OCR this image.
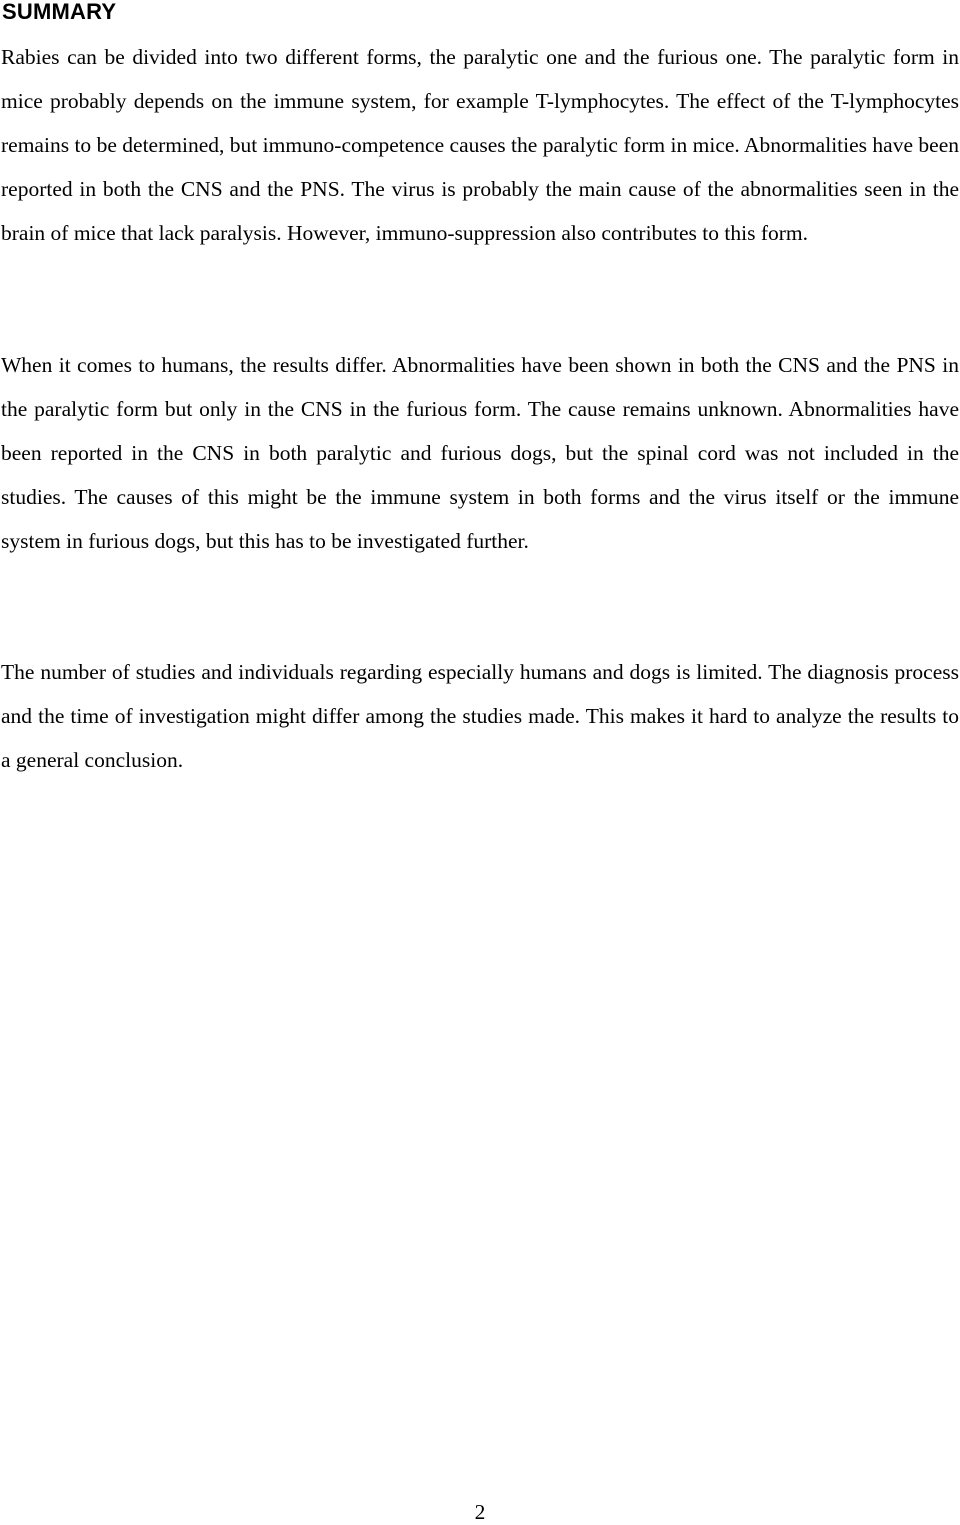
SUMMARY

Rabies can be divided into two different forms, the paralytic one and the furious one. The paralytic form in mice probably depends on the immune system, for example T-lymphocytes. The effect of the T-lymphocytes remains to be determined, but immuno-competence causes the paralytic form in mice. Abnormalities have been reported in both the CNS and the PNS. The virus is probably the main cause of the abnormalities seen in the brain of mice that lack paralysis. However, immuno-suppression also contributes to this form.

When it comes to humans, the results differ. Abnormalities have been shown in both the CNS and the PNS in the paralytic form but only in the CNS in the furious form. The cause remains unknown. Abnormalities have been reported in the CNS in both paralytic and furious dogs, but the spinal cord was not included in the studies. The causes of this might be the immune system in both forms and the virus itself or the immune system in furious dogs, but this has to be investigated further.

The number of studies and individuals regarding especially humans and dogs is limited. The diagnosis process and the time of investigation might differ among the studies made. This makes it hard to analyze the results to a general conclusion.

2
